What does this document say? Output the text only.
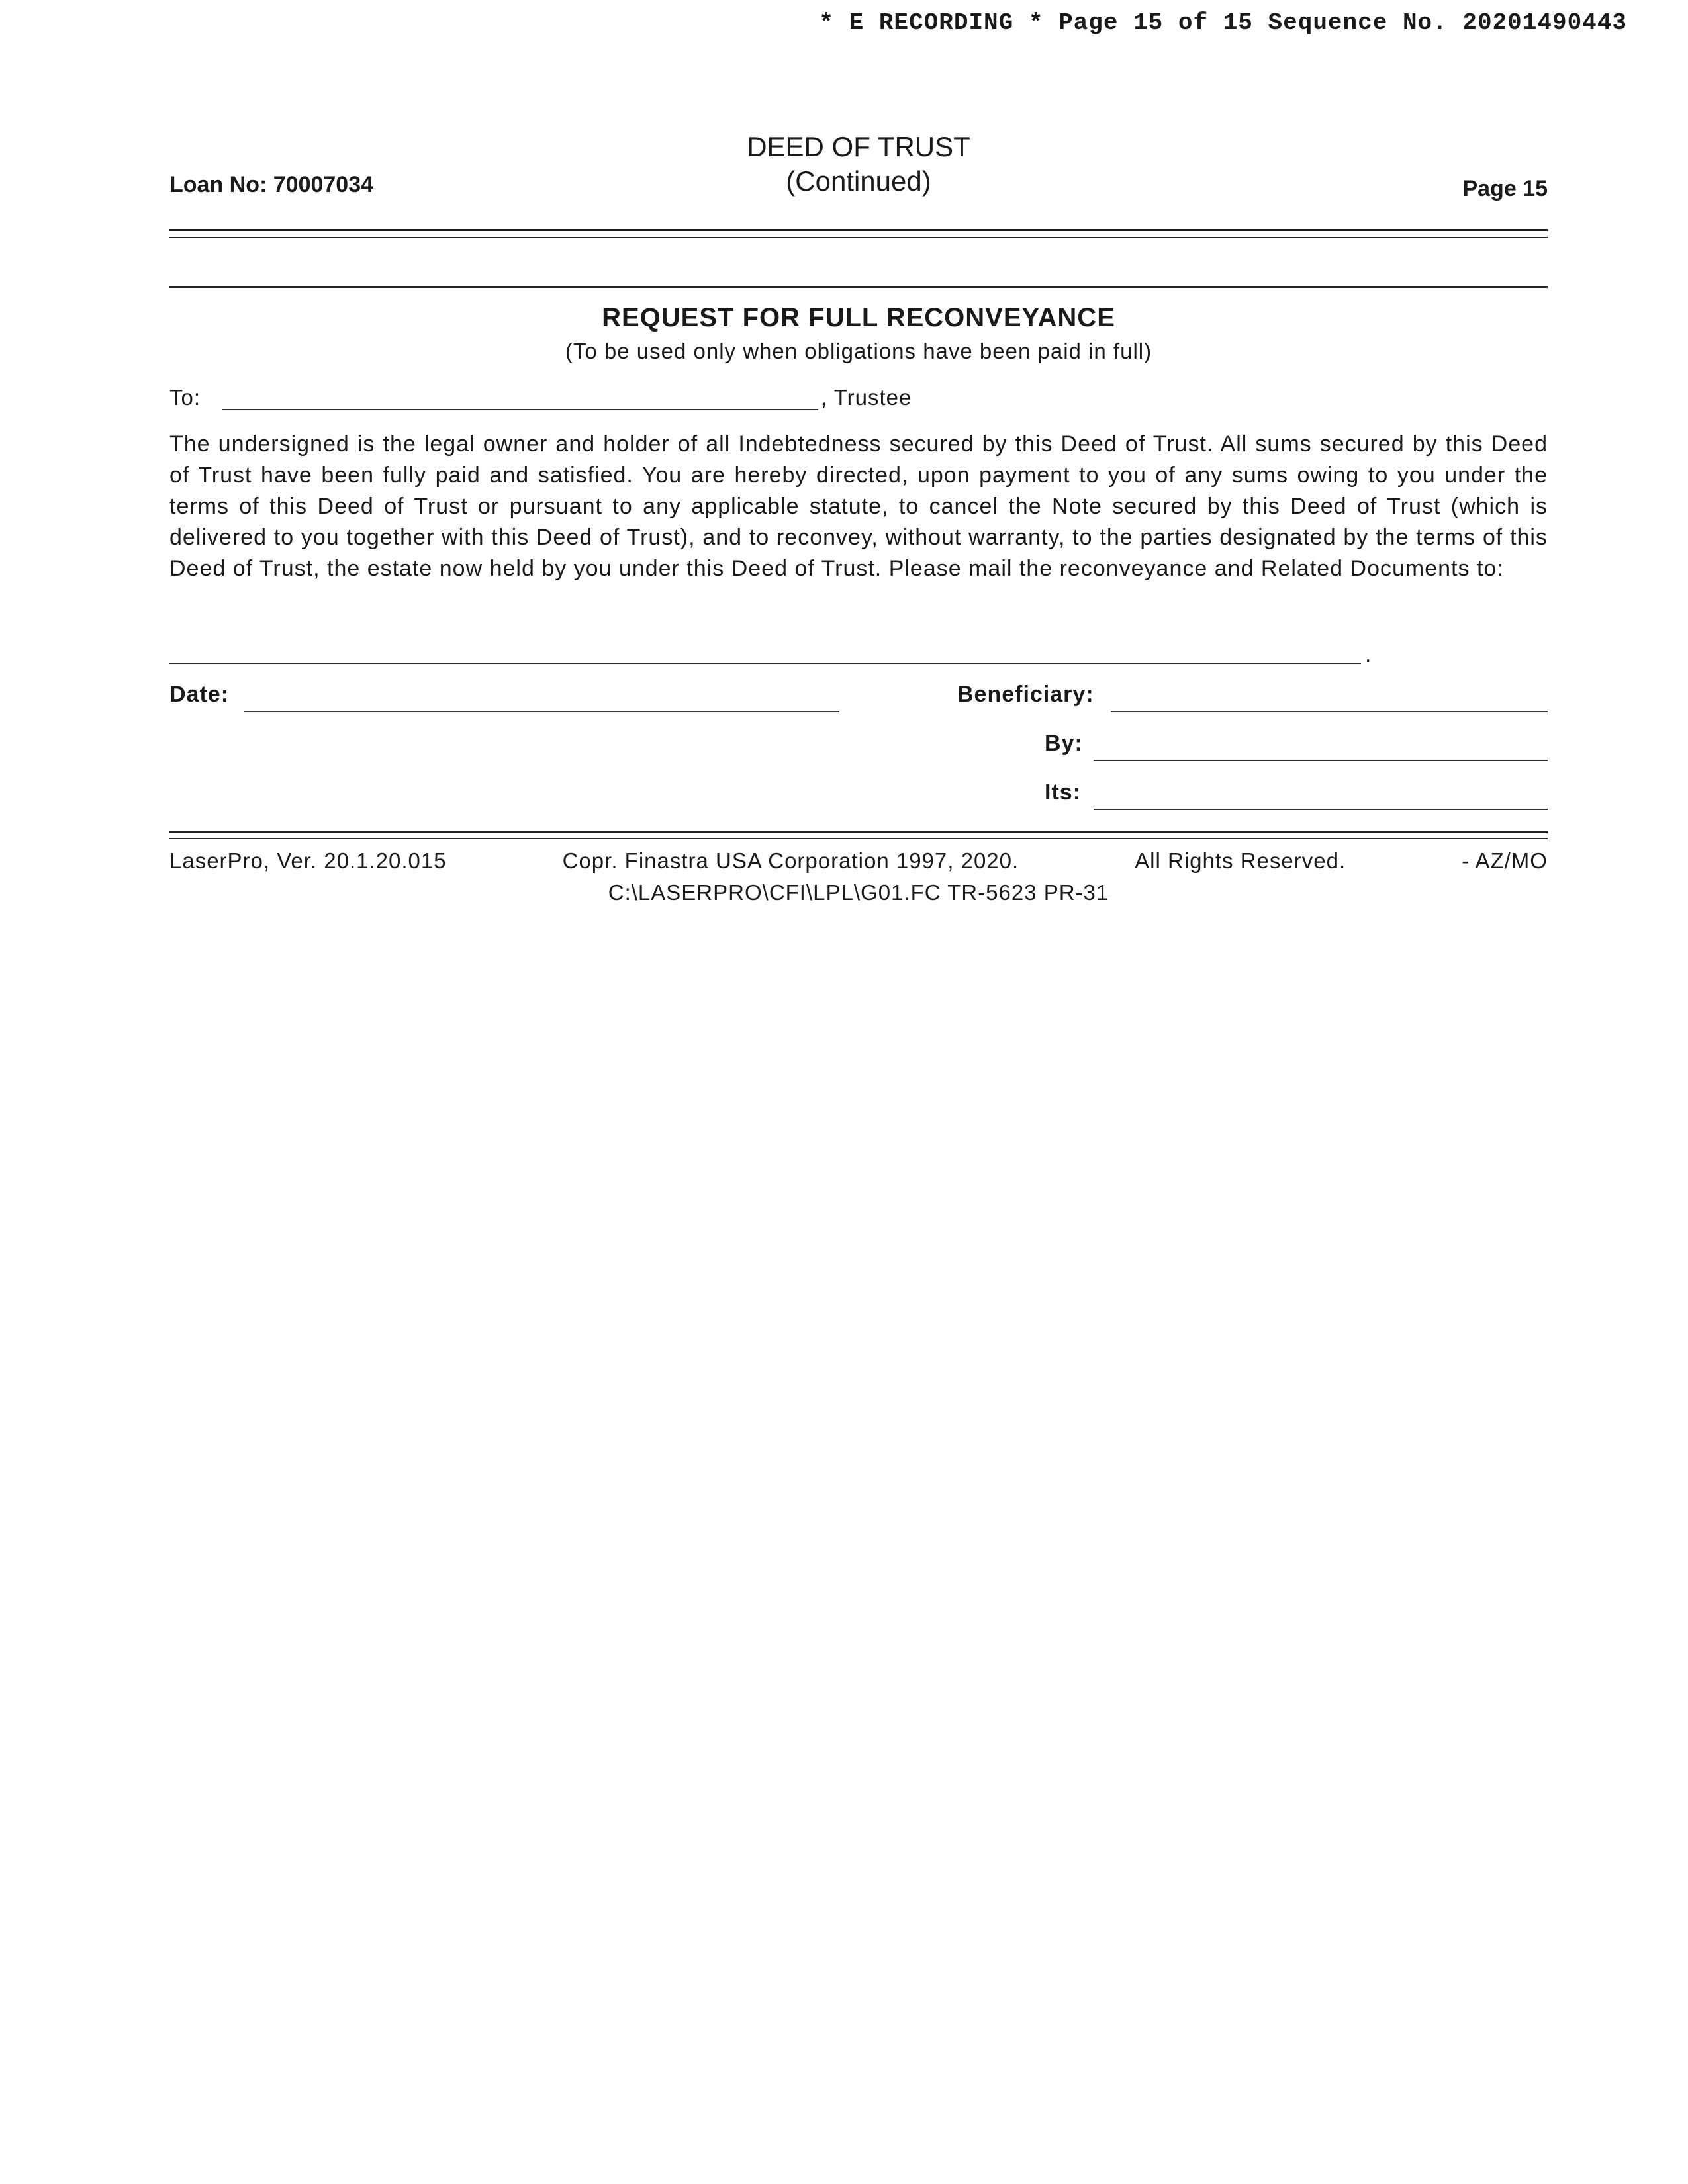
* E RECORDING * Page 15 of 15 Sequence No. 20201490443
Loan No: 70007034
DEED OF TRUST
(Continued)	Page 15
REQUEST FOR FULL RECONVEYANCE
(To be used only when obligations have been paid in full)
To:	, Trustee
The undersigned is the legal owner and holder of all Indebtedness secured by this Deed of Trust. All sums secured by this Deed of Trust have been fully paid and satisfied. You are hereby directed, upon payment to you of any sums owing to you under the terms of this Deed of Trust or pursuant to any applicable statute, to cancel the Note secured by this Deed of Trust (which is delivered to you together with this Deed of Trust), and to reconvey, without warranty, to the parties designated by the terms of this Deed of Trust, the estate now held by you under this Deed of Trust. Please mail the reconveyance and Related Documents to:
.
Date:	Beneficiary:
By:
Its:
LaserPro, Ver. 20.1.20.015	Copr. Finastra USA Corporation 1997, 2020.	All Rights Reserved.	- AZ/MO
C:\LASERPRO\CFI\LPL\G01.FC TR-5623 PR-31
